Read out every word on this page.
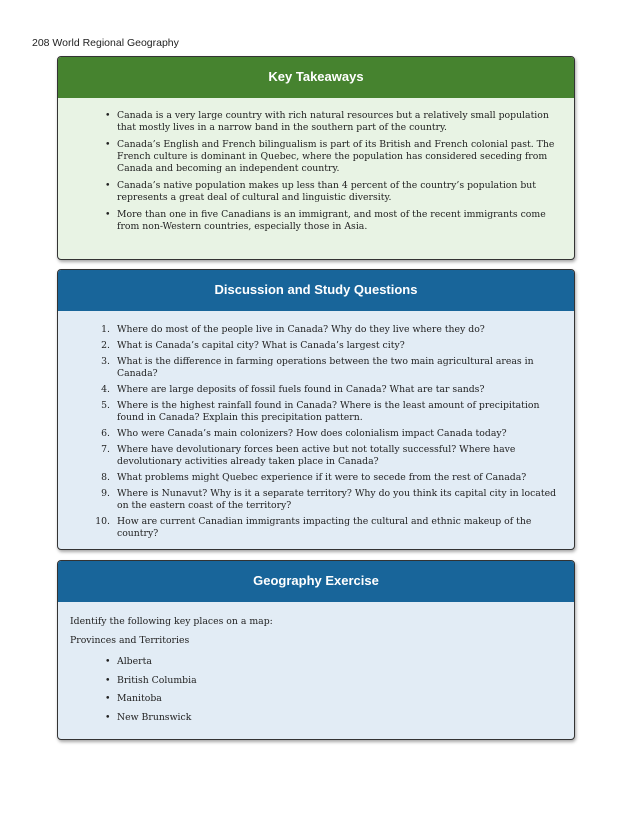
208 World Regional Geography
Key Takeaways
• Canada is a very large country with rich natural resources but a relatively small population that mostly lives in a narrow band in the southern part of the country.
• Canada’s English and French bilingualism is part of its British and French colonial past. The French culture is dominant in Quebec, where the population has considered seceding from Canada and becoming an independent country.
• Canada’s native population makes up less than 4 percent of the country’s population but represents a great deal of cultural and linguistic diversity.
• More than one in five Canadians is an immigrant, and most of the recent immigrants come from non-Western countries, especially those in Asia.
Discussion and Study Questions
1. Where do most of the people live in Canada? Why do they live where they do?
2. What is Canada’s capital city? What is Canada’s largest city?
3. What is the difference in farming operations between the two main agricultural areas in Canada?
4. Where are large deposits of fossil fuels found in Canada? What are tar sands?
5. Where is the highest rainfall found in Canada? Where is the least amount of precipitation found in Canada? Explain this precipitation pattern.
6. Who were Canada’s main colonizers? How does colonialism impact Canada today?
7. Where have devolutionary forces been active but not totally successful? Where have devolutionary activities already taken place in Canada?
8. What problems might Quebec experience if it were to secede from the rest of Canada?
9. Where is Nunavut? Why is it a separate territory? Why do you think its capital city in located on the eastern coast of the territory?
10. How are current Canadian immigrants impacting the cultural and ethnic makeup of the country?
Geography Exercise

Identify the following key places on a map:

Provinces and Territories

• Alberta
• British Columbia
• Manitoba
• New Brunswick
